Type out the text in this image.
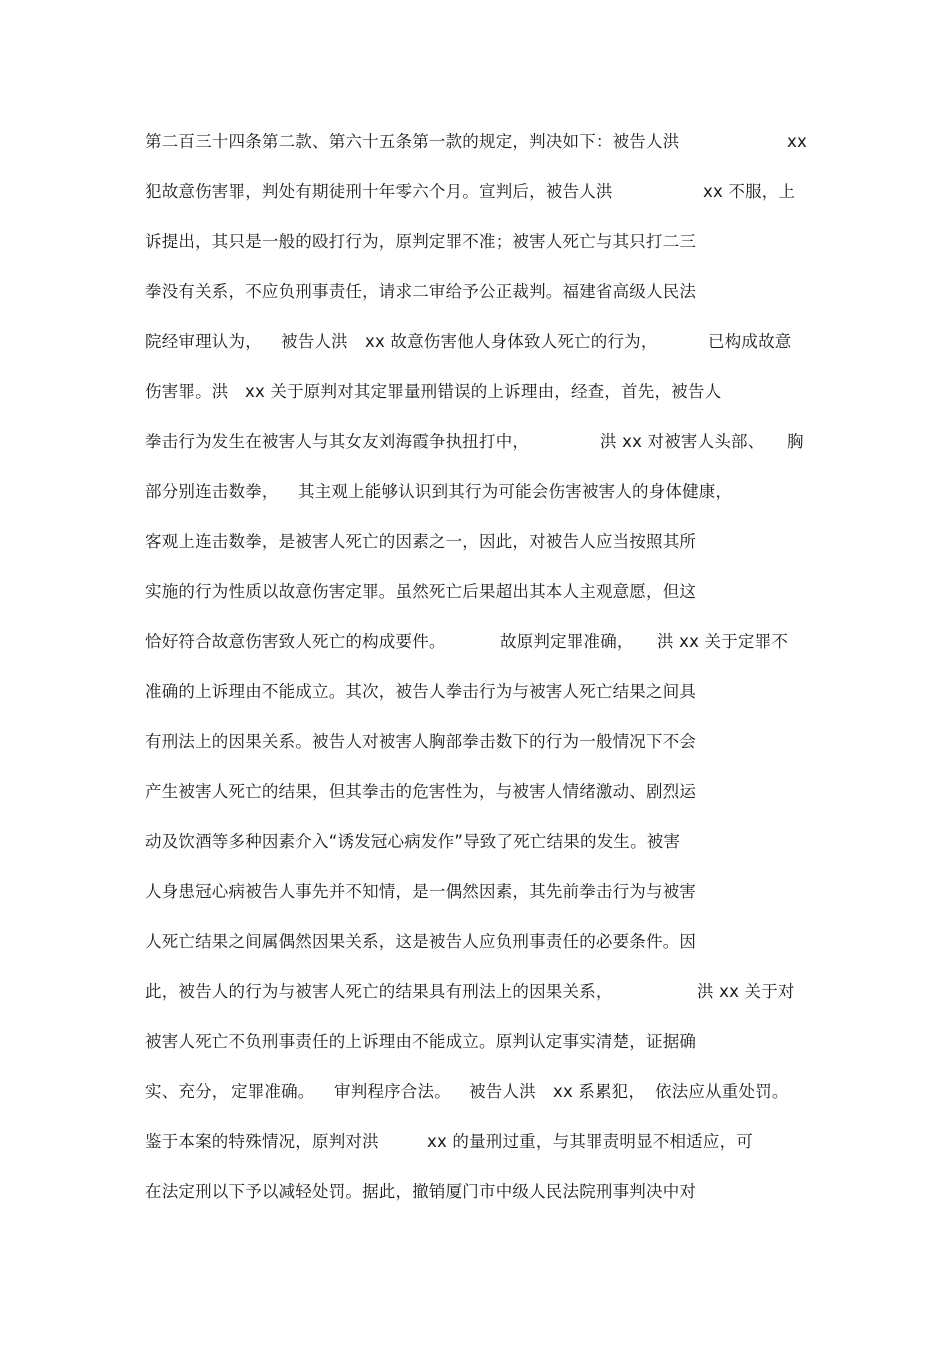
第二百三十四条第二款、第六十五条第一款的规定，判决如下：被告人洪

	xx

犯故意伤害罪，判处有期徒刑十年零六个月。宣判后，被告人洪

	xx 不服，上

诉提出，其只是一般的殴打行为，原判定罪不准；被害人死亡与其只打二三

拳没有关系，不应负刑事责任，请求二审给予公正裁判。福建省高级人民法

院经审理认为，

被告人洪

xx 故意伤害他人身体致人死亡的行为，

	已构成故意

伤害罪。洪

xx 关于原判对其定罪量刑错误的上诉理由，经查，首先，被告人

拳击行为发生在被害人与其女友刘海霞争执扭打中，

	洪 xx 对被害人头部、

胸

部分别连击数拳，

其主观上能够认识到其行为可能会伤害被害人的身体健康，

客观上连击数拳，是被害人死亡的因素之一，因此，对被告人应当按照其所

实施的行为性质以故意伤害定罪。虽然死亡后果超出其本人主观意愿，但这

恰好符合故意伤害致人死亡的构成要件。

	故原判定罪准确，

洪 xx 关于定罪不

准确的上诉理由不能成立。其次，被告人拳击行为与被害人死亡结果之间具

有刑法上的因果关系。被告人对被害人胸部拳击数下的行为一般情况下不会

产生被害人死亡的结果，但其拳击的危害性为，与被害人情绪激动、剧烈运

动及饮酒等多种因素介入“诱发冠心病发作”导致了死亡结果的发生。被害

人身患冠心病被告人事先并不知情，是一偶然因素，其先前拳击行为与被害

人死亡结果之间属偶然因果关系，这是被告人应负刑事责任的必要条件。因

此，被告人的行为与被害人死亡的结果具有刑法上的因果关系，

	洪 xx 关于对

被害人死亡不负刑事责任的上诉理由不能成立。原判认定事实清楚，证据确

实、充分，

定罪准确。

审判程序合法。

被告人洪

xx 系累犯，

依法应从重处罚。

鉴于本案的特殊情况，原判对洪

	xx 的量刑过重，与其罪责明显不相适应，可

在法定刑以下予以减轻处罚。据此，撤销厦门市中级人民法院刑事判决中对
